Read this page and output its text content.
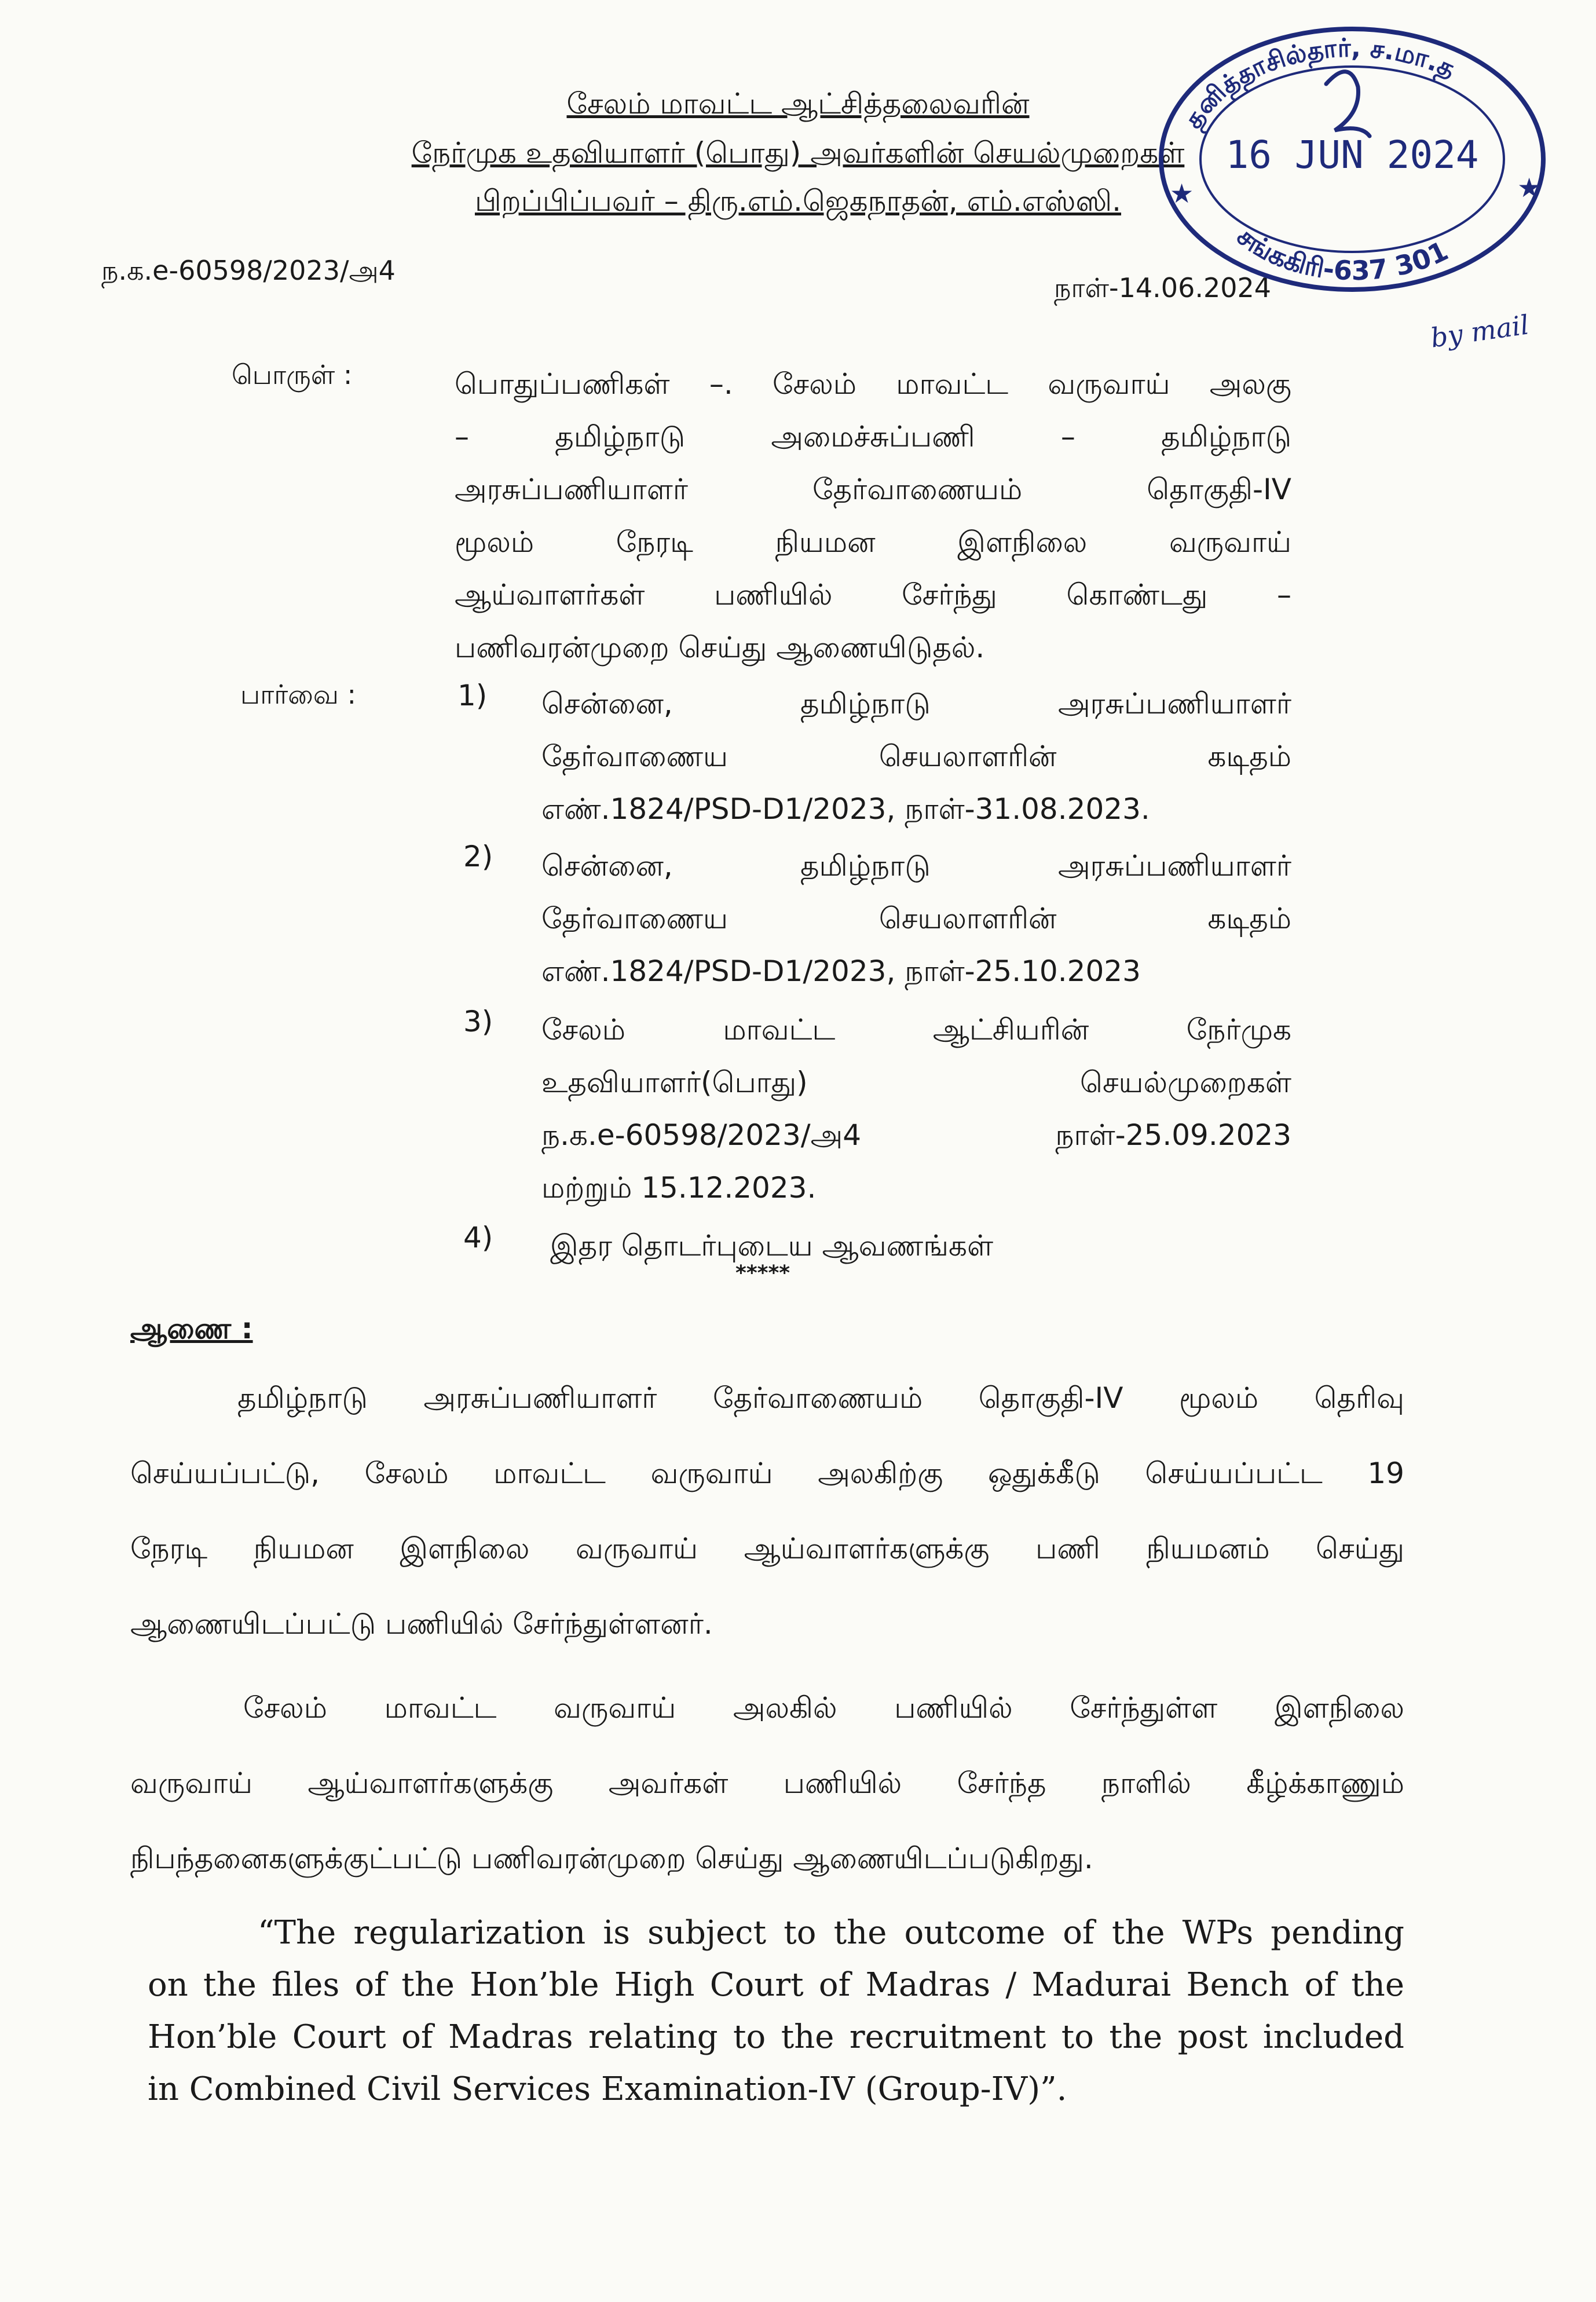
சேலம் மாவட்ட ஆட்சித்தலைவரின்
நேர்முக உதவியாளர் (பொது) அவர்களின் செயல்முறைகள்
பிறப்பிப்பவர் – திரு.எம்.ஜெகநாதன், எம்.எஸ்ஸி.
ந.க.e-60598/2023/அ4
நாள்-14.06.2024
தனித்தாசில்தார், ச.மா.த
சங்ககிரி-637 301
16 JUN 2024
★	★
by mail
பொருள் :	பொதுப்பணிகள் –. சேலம் மாவட்ட வருவாய் அலகு
– தமிழ்நாடு அமைச்சுப்பணி – தமிழ்நாடு
அரசுப்பணியாளர் தேர்வாணையம் தொகுதி-IV
மூலம் நேரடி நியமன இளநிலை வருவாய்
ஆய்வாளர்கள் பணியில் சேர்ந்து கொண்டது –
பணிவரன்முறை செய்து ஆணையிடுதல்.
பார்வை :	1) சென்னை, தமிழ்நாடு அரசுப்பணியாளர்
தேர்வாணைய செயலாளரின் கடிதம்
எண்.1824/PSD-D1/2023, நாள்-31.08.2023.
2) சென்னை, தமிழ்நாடு அரசுப்பணியாளர்
தேர்வாணைய செயலாளரின் கடிதம்
எண்.1824/PSD-D1/2023, நாள்-25.10.2023
3) சேலம் மாவட்ட ஆட்சியரின் நேர்முக
உதவியாளர்(பொது) செயல்முறைகள்
ந.க.e-60598/2023/அ4 நாள்-25.09.2023
மற்றும் 15.12.2023.
4) இதர தொடர்புடைய ஆவணங்கள்
*****
ஆணை :
தமிழ்நாடு அரசுப்பணியாளர் தேர்வாணையம் தொகுதி-IV மூலம் தெரிவு
செய்யப்பட்டு, சேலம் மாவட்ட வருவாய் அலகிற்கு ஒதுக்கீடு செய்யப்பட்ட 19
நேரடி நியமன இளநிலை வருவாய் ஆய்வாளர்களுக்கு பணி நியமனம் செய்து
ஆணையிடப்பட்டு பணியில் சேர்ந்துள்ளனர்.
சேலம் மாவட்ட வருவாய் அலகில் பணியில் சேர்ந்துள்ள இளநிலை
வருவாய் ஆய்வாளர்களுக்கு அவர்கள் பணியில் சேர்ந்த நாளில் கீழ்க்காணும்
நிபந்தனைகளுக்குட்பட்டு பணிவரன்முறை செய்து ஆணையிடப்படுகிறது.
“The regularization is subject to the outcome of the WPs pending
on the files of the Hon’ble High Court of Madras / Madurai Bench of the
Hon’ble Court of Madras relating to the recruitment to the post included
in Combined Civil Services Examination-IV (Group-IV)”.
